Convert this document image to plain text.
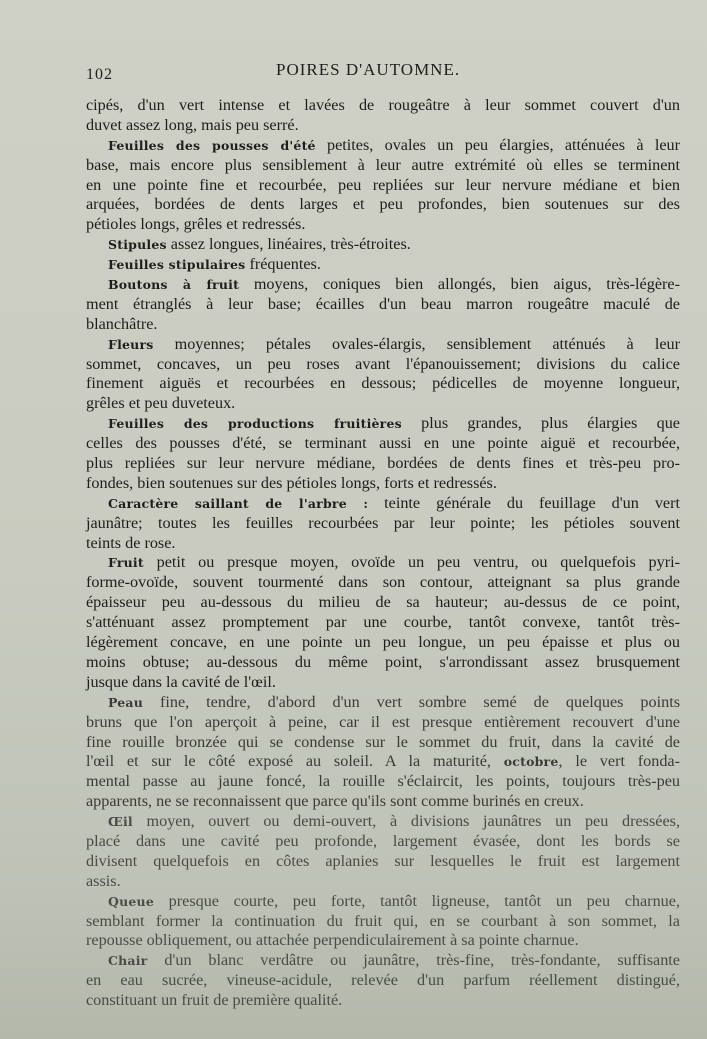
102	POIRES D'AUTOMNE.
cipés, d'un vert intense et lavées de rougeâtre à leur sommet couvert d'un
duvet assez long, mais peu serré.
Feuilles des pousses d'été petites, ovales un peu élargies, atténuées à leur
base, mais encore plus sensiblement à leur autre extrémité où elles se terminent
en une pointe fine et recourbée, peu repliées sur leur nervure médiane et bien
arquées, bordées de dents larges et peu profondes, bien soutenues sur des
pétioles longs, grêles et redressés.
Stipules assez longues, linéaires, très-étroites.
Feuilles stipulaires fréquentes.
Boutons à fruit moyens, coniques bien allongés, bien aigus, très-légère-
ment étranglés à leur base; écailles d'un beau marron rougeâtre maculé de
blanchâtre.
Fleurs moyennes; pétales ovales-élargis, sensiblement atténués à leur
sommet, concaves, un peu roses avant l'épanouissement; divisions du calice
finement aiguës et recourbées en dessous; pédicelles de moyenne longueur,
grêles et peu duveteux.
Feuilles des productions fruitières plus grandes, plus élargies que
celles des pousses d'été, se terminant aussi en une pointe aiguë et recourbée,
plus repliées sur leur nervure médiane, bordées de dents fines et très-peu pro-
fondes, bien soutenues sur des pétioles longs, forts et redressés.
Caractère saillant de l'arbre : teinte générale du feuillage d'un vert
jaunâtre; toutes les feuilles recourbées par leur pointe; les pétioles souvent
teints de rose.
Fruit petit ou presque moyen, ovoïde un peu ventru, ou quelquefois pyri-
forme-ovoïde, souvent tourmenté dans son contour, atteignant sa plus grande
épaisseur peu au-dessous du milieu de sa hauteur; au-dessus de ce point,
s'atténuant assez promptement par une courbe, tantôt convexe, tantôt très-
légèrement concave, en une pointe un peu longue, un peu épaisse et plus ou
moins obtuse; au-dessous du même point, s'arrondissant assez brusquement
jusque dans la cavité de l'œil.
Peau fine, tendre, d'abord d'un vert sombre semé de quelques points
bruns que l'on aperçoit à peine, car il est presque entièrement recouvert d'une
fine rouille bronzée qui se condense sur le sommet du fruit, dans la cavité de
l'œil et sur le côté exposé au soleil. A la maturité, octobre, le vert fonda-
mental passe au jaune foncé, la rouille s'éclaircit, les points, toujours très-peu
apparents, ne se reconnaissent que parce qu'ils sont comme burinés en creux.
Œil moyen, ouvert ou demi-ouvert, à divisions jaunâtres un peu dressées,
placé dans une cavité peu profonde, largement évasée, dont les bords se
divisent quelquefois en côtes aplanies sur lesquelles le fruit est largement
assis.
Queue presque courte, peu forte, tantôt ligneuse, tantôt un peu charnue,
semblant former la continuation du fruit qui, en se courbant à son sommet, la
repousse obliquement, ou attachée perpendiculairement à sa pointe charnue.
Chair d'un blanc verdâtre ou jaunâtre, très-fine, très-fondante, suffisante
en eau sucrée, vineuse-acidule, relevée d'un parfum réellement distingué,
constituant un fruit de première qualité.
